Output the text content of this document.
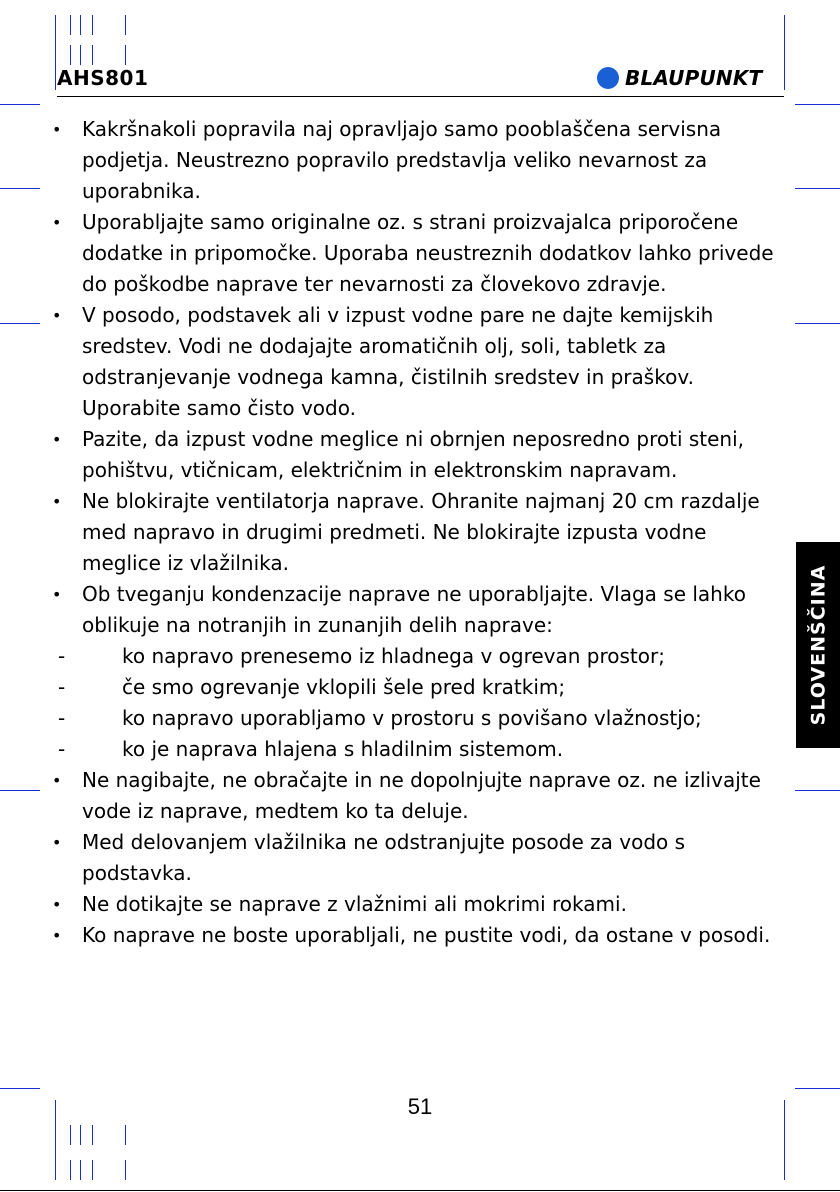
AHS801	BLAUPUNKT

• Kakršnakoli popravila naj opravljajo samo pooblaščena servisna podjetja. Neustrezno popravilo predstavlja veliko nevarnost za uporabnika.

• Uporabljajte samo originalne oz. s strani proizvajalca priporočene dodatke in pripomočke. Uporaba neustreznih dodatkov lahko privede do poškodbe naprave ter nevarnosti za človekovo zdravje.

• V posodo, podstavek ali v izpust vodne pare ne dajte kemijskih sredstev. Vodi ne dodajajte aromatičnih olj, soli, tabletk za odstranjevanje vodnega kamna, čistilnih sredstev in praškov. Uporabite samo čisto vodo.

• Pazite, da izpust vodne meglice ni obrnjen neposredno proti steni, pohištvu, vtičnicam, električnim in elektronskim napravam.

• Ne blokirajte ventilatorja naprave. Ohranite najmanj 20 cm razdalje med napravo in drugimi predmeti. Ne blokirajte izpusta vodne meglice iz vlažilnika.

• Ob tveganju kondenzacije naprave ne uporabljajte. Vlaga se lahko oblikuje na notranjih in zunanjih delih naprave:

-	ko napravo prenesemo iz hladnega v ogrevan prostor;

-	če smo ogrevanje vklopili šele pred kratkim;

-	ko napravo uporabljamo v prostoru s povišano vlažnostjo;

-	ko je naprava hlajena s hladilnim sistemom.

• Ne nagibajte, ne obračajte in ne dopolnjujte naprave oz. ne izlivajte vode iz naprave, medtem ko ta deluje.

• Med delovanjem vlažilnika ne odstranjujte posode za vodo s podstavka.

• Ne dotikajte se naprave z vlažnimi ali mokrimi rokami.

• Ko naprave ne boste uporabljali, ne pustite vodi, da ostane v posodi.

SLOVENŠČINA
51
